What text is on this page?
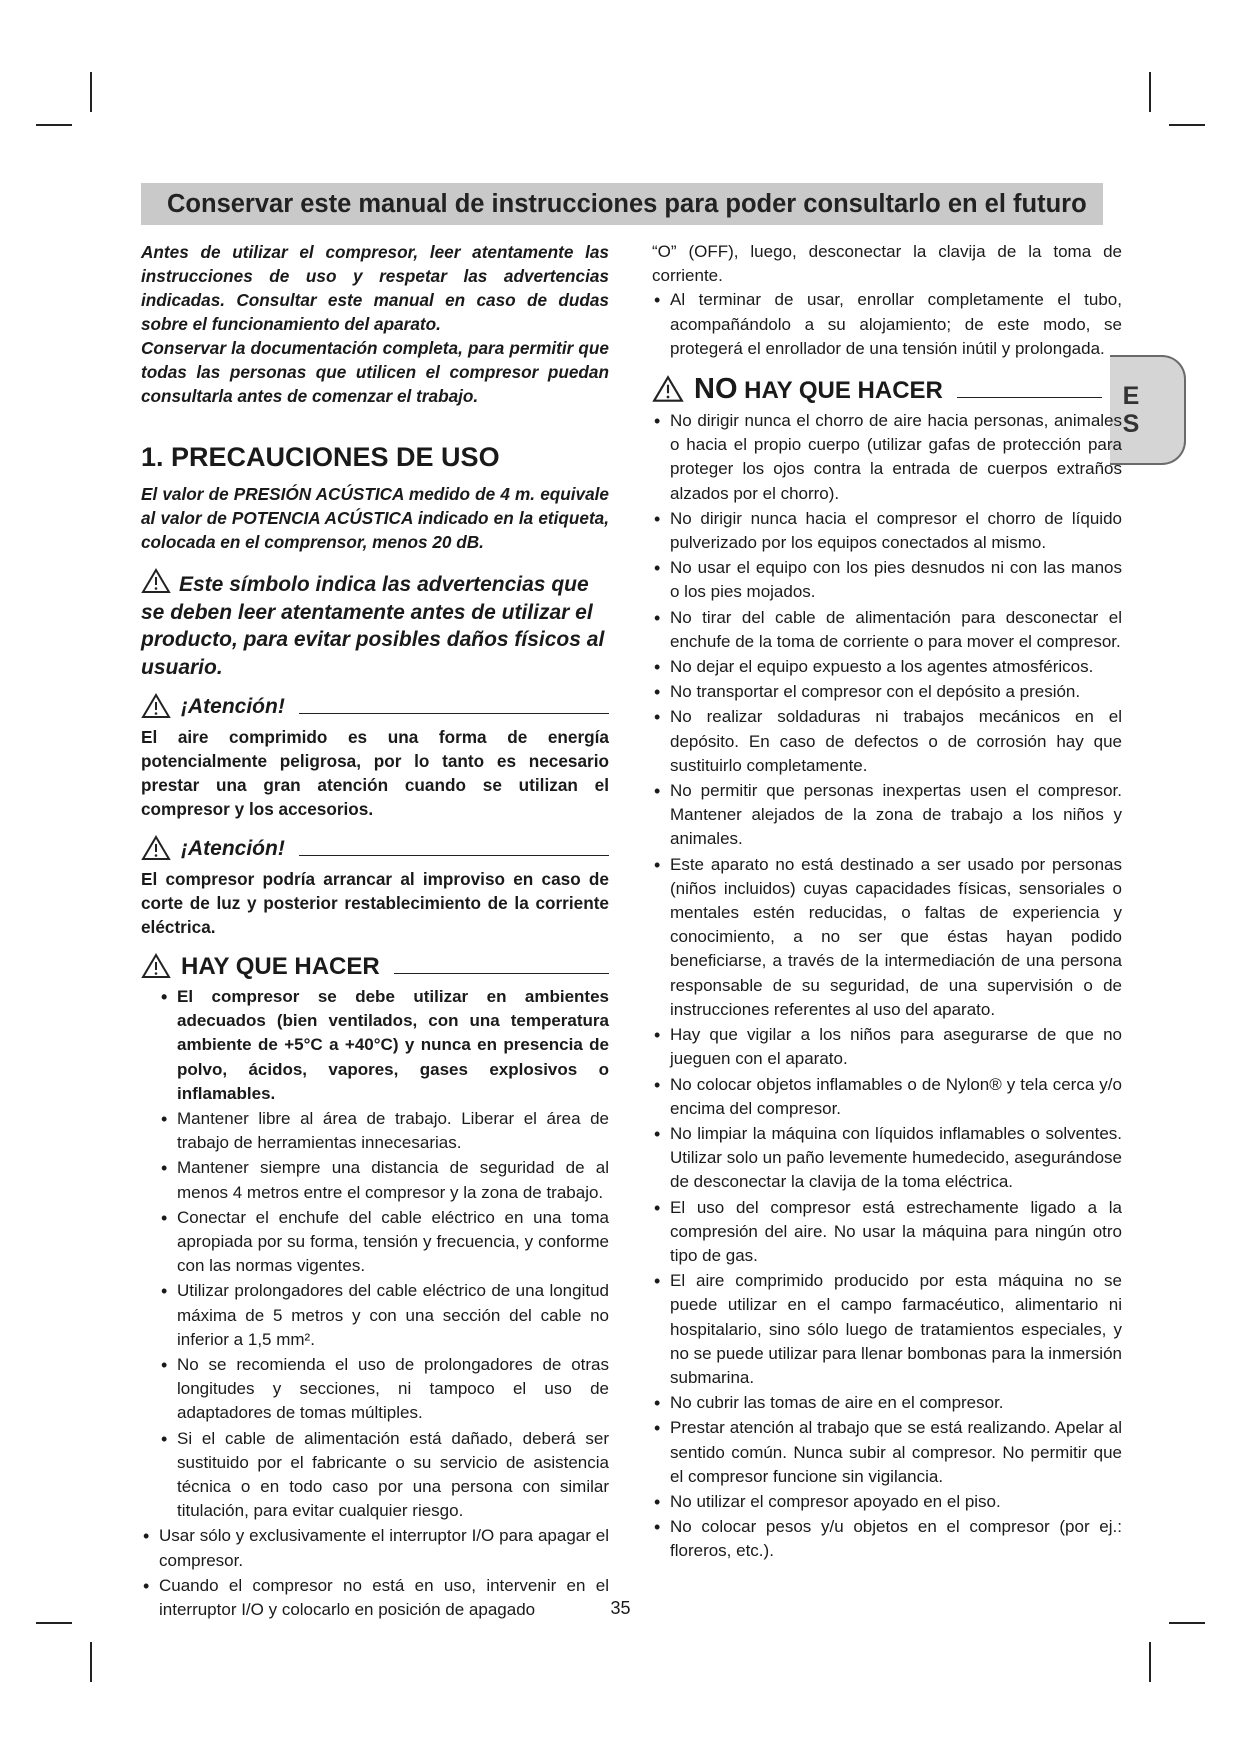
Conservar este manual de instrucciones para poder consultarlo en el futuro
ES

Antes de utilizar el compresor, leer atentamente las instrucciones de uso y respetar las advertencias indicadas. Consultar este manual en caso de dudas sobre el funcionamiento del aparato.

Conservar la documentación completa, para permitir que todas las personas que utilicen el compresor puedan consultarla antes de comenzar el trabajo.

1. PRECAUCIONES DE USO

El valor de PRESIÓN ACÚSTICA medido de 4 m. equivale al valor de POTENCIA ACÚSTICA indicado en la etiqueta, colocada en el comprensor, menos 20 dB.

Este símbolo indica las advertencias que se deben leer atentamente antes de utilizar el producto, para evitar posibles daños físicos al usuario.
¡Atención!

El aire comprimido es una forma de energía potencialmente peligrosa, por lo tanto es necesario prestar una gran atención cuando se utilizan el compresor y los accesorios.

¡Atención!

El compresor podría arrancar al improviso en caso de corte de luz y posterior restablecimiento de la corriente eléctrica.

HAY QUE HACER
• El compresor se debe utilizar en ambientes adecuados (bien ventilados, con una temperatura ambiente de +5°C a +40°C) y nunca en presencia de polvo, ácidos, vapores, gases explosivos o inflamables.
• Mantener libre al área de trabajo. Liberar el área de trabajo de herramientas innecesarias.
• Mantener siempre una distancia de seguridad de al menos 4 metros entre el compresor y la zona de trabajo.
• Conectar el enchufe del cable eléctrico en una toma apropiada por su forma, tensión y frecuencia, y conforme con las normas vigentes.
• Utilizar prolongadores del cable eléctrico de una longitud máxima de 5 metros y con una sección del cable no inferior a 1,5 mm².
• No se recomienda el uso de prolongadores de otras longitudes y secciones, ni tampoco el uso de adaptadores de tomas múltiples.
• Si el cable de alimentación está dañado, deberá ser sustituido por el fabricante o su servicio de asistencia técnica o en todo caso por una persona con similar titulación, para evitar cualquier riesgo.
• Usar sólo y exclusivamente el interruptor I/O para apagar el compresor.
• Cuando el compresor no está en uso, intervenir en el interruptor I/O y colocarlo en posición de apagado

“O” (OFF), luego, desconectar la clavija de la toma de corriente.

• Al terminar de usar, enrollar completamente el tubo, acompañándolo a su alojamiento; de este modo, se protegerá el enrollador de una tensión inútil y prolongada.
NO HAY QUE HACER
• No dirigir nunca el chorro de aire hacia personas, animales o hacia el propio cuerpo (utilizar gafas de protección para proteger los ojos contra la entrada de cuerpos extraños alzados por el chorro).
• No dirigir nunca hacia el compresor el chorro de líquido pulverizado por los equipos conectados al mismo.
• No usar el equipo con los pies desnudos ni con las manos o los pies mojados.
• No tirar del cable de alimentación para desconectar el enchufe de la toma de corriente o para mover el compresor.
• No dejar el equipo expuesto a los agentes atmosféricos.
• No transportar el compresor con el depósito a presión.
• No realizar soldaduras ni trabajos mecánicos en el depósito. En caso de defectos o de corrosión hay que sustituirlo completamente.
• No permitir que personas inexpertas usen el compresor. Mantener alejados de la zona de trabajo a los niños y animales.
• Este aparato no está destinado a ser usado por personas (niños incluidos) cuyas capacidades físicas, sensoriales o mentales estén reducidas, o faltas de experiencia y conocimiento, a no ser que éstas hayan podido beneficiarse, a través de la intermediación de una persona responsable de su seguridad, de una supervisión o de instrucciones referentes al uso del aparato.
• Hay que vigilar a los niños para asegurarse de que no jueguen con el aparato.
• No colocar objetos inflamables o de Nylon® y tela cerca y/o encima del compresor.
• No limpiar la máquina con líquidos inflamables o solventes. Utilizar solo un paño levemente humedecido, asegurándose de desconectar la clavija de la toma eléctrica.
• El uso del compresor está estrechamente ligado a la compresión del aire. No usar la máquina para ningún otro tipo de gas.
• El aire comprimido producido por esta máquina no se puede utilizar en el campo farmacéutico, alimentario ni hospitalario, sino sólo luego de tratamientos especiales, y no se puede utilizar para llenar bombonas para la inmersión submarina.
• No cubrir las tomas de aire en el compresor.
• Prestar atención al trabajo que se está realizando. Apelar al sentido común. Nunca subir al compresor. No permitir que el compresor funcione sin vigilancia.
• No utilizar el compresor apoyado en el piso.
• No colocar pesos y/u objetos en el compresor (por ej.: floreros, etc.).
35
